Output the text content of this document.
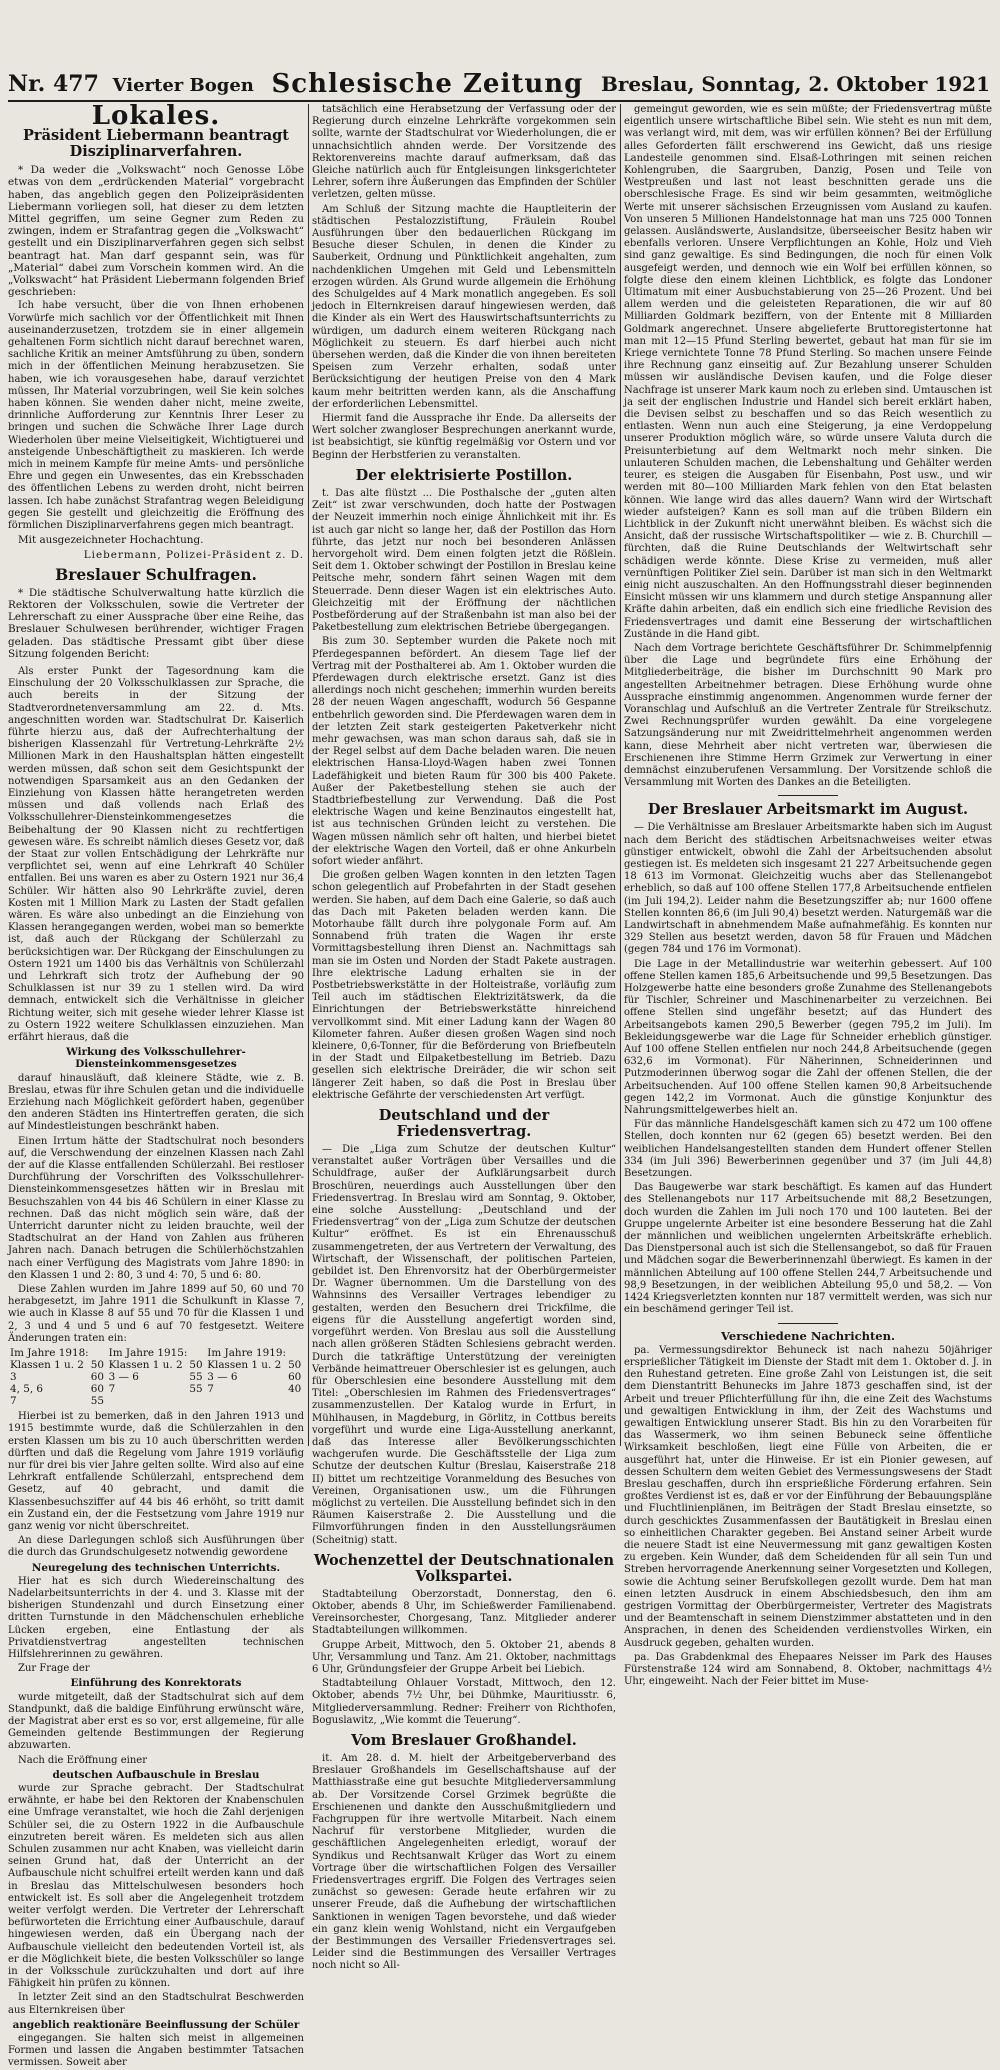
Nr. 477 Vierter Bogen Schlesische Zeitung Breslau, Sonntag, 2. Oktober 1921
Lokales.
Präsident Liebermann beantragt Disziplinarverfahren.

* Da weder die „Volkswacht“ noch Genosse Löbe etwas von dem „erdrückenden Material“ vorgebracht haben, das angeblich gegen den Polizeipräsidenten Liebermann vorliegen soll, hat dieser zu dem letzten Mittel gegriffen, um seine Gegner zum Reden zu zwingen, indem er Strafantrag gegen die „Volkswacht“ gestellt und ein Disziplinarverfahren gegen sich selbst beantragt hat. Man darf gespannt sein, was für „Material“ dabei zum Vorschein kommen wird. An die „Volkswacht“ hat Präsident Liebermann folgenden Brief geschrieben:

Ich habe versucht, über die von Ihnen erhobenen Vorwürfe mich sachlich vor der Öffentlichkeit mit Ihnen auseinanderzusetzen, trotzdem sie in einer allgemein gehaltenen Form sichtlich nicht darauf berechnet waren, sachliche Kritik an meiner Amtsführung zu üben, sondern mich in der öffentlichen Meinung herabzusetzen. Sie haben, wie ich vorausgesehen habe, darauf verzichtet müssen, Ihr Material vorzubringen, weil Sie kein solches haben können. Sie wenden daher nicht, meine zweite, drinnliche Aufforderung zur Kenntnis Ihrer Leser zu bringen und suchen die Schwäche Ihrer Lage durch Wiederholen über meine Vielseitigkeit, Wichtigtuerei und ansteigende Unbeschäftigtheit zu maskieren. Ich werde mich in meinem Kampfe für meine Amts- und persönliche Ehre und gegen ein Unwesentes, das ein Krebsschaden des öffentlichen Lebens zu werden droht, nicht beirren lassen. Ich habe zunächst Strafantrag wegen Beleidigung gegen Sie gestellt und gleichzeitig die Eröffnung des förmlichen Disziplinarverfahrens gegen mich beantragt.

Mit ausgezeichneter Hochachtung.

Liebermann, Polizei-Präsident z. D.
Breslauer Schulfragen.

* Die städtische Schulverwaltung hatte kürzlich die Rektoren der Volksschulen, sowie die Vertreter der Lehrerschaft zu einer Aussprache über eine Reihe, das Breslauer Schulwesen berührender, wichtiger Fragen geladen. Das städtische Pressamt gibt über diese Sitzung folgenden Bericht:

Als erster Punkt der Tagesordnung kam die Einschulung der 20 Volksschulklassen zur Sprache, die auch bereits in der Sitzung der Stadtverordnetenversammlung am 22. d. Mts. angeschnitten worden war. Stadtschulrat Dr. Kaiserlich führte hierzu aus, daß der Aufrechterhaltung der bisherigen Klassenzahl für Vertretung-Lehrkräfte 2½ Millionen Mark in den Haushaltsplan hätten eingestellt werden müssen, daß schon seit dem Gesichtspunkt der notwendigen Sparsamkeit aus an den Gedanken der Einziehung von Klassen hätte herangetreten werden müssen und daß vollends nach Erlaß des Volksschullehrer-Diensteinkommengesetzes die Beibehaltung der 90 Klassen nicht zu rechtfertigen gewesen wäre. Es schreibt nämlich dieses Gesetz vor, daß der Staat zur vollen Entschädigung der Lehrkräfte nur verpflichtet sei, wenn auf eine Lehrkraft 40 Schüler entfallen. Bei uns waren es aber zu Ostern 1921 nur 36,4 Schüler. Wir hätten also 90 Lehrkräfte zuviel, deren Kosten mit 1 Million Mark zu Lasten der Stadt gefallen wären. Es wäre also unbedingt an die Einziehung von Klassen herangegangen werden, wobei man so bemerkte ist, daß auch der Rückgang der Schülerzahl zu berücksichtigen war. Der Rückgang der Einschulungen zu Ostern 1921 um 1400 bis das Verhältnis von Schülerzahl und Lehrkraft sich trotz der Aufhebung der 90 Schulklassen ist nur 39 zu 1 stellen wird. Da wird demnach, entwickelt sich die Verhältnisse in gleicher Richtung weiter, sich mit gesehe wieder lehrer Klasse ist zu Ostern 1922 weitere Schulklassen einzuziehen. Man erfährt hieraus, daß die

Wirkung des Volksschullehrer-Diensteinkommensgesetzes

darauf hinausläuft, daß kleinere Städte, wie z. B. Breslau, etwas für ihre Schulen getan und die individuelle Erziehung nach Möglichkeit gefördert haben, gegenüber den anderen Städten ins Hintertreffen geraten, die sich auf Mindestleistungen beschränkt haben.

Einen Irrtum hätte der Stadtschulrat noch besonders auf, die Verschwendung der einzelnen Klassen nach Zahl der auf die Klasse entfallenden Schülerzahl. Bei restloser Durchführung der Vorschriften des Volksschullehrer-Diensteinkommensgesetzes hätten wir in Breslau mit Besuchszahlen von 44 bis 46 Schülern in einer Klasse zu rechnen. Daß das nicht möglich sein wäre, daß der Unterricht darunter nicht zu leiden brauchte, weil der Stadtschulrat an der Hand von Zahlen aus früheren Jahren nach. Danach betrugen die Schülerhöchstzahlen nach einer Verfügung des Magistrats vom Jahre 1890: in den Klassen 1 und 2: 80, 3 und 4: 70, 5 und 6: 80.

Diese Zahlen wurden im Jahre 1899 auf 50, 60 und 70 herabgesetzt, im Jahre 1911 die Schulkunft in Klasse 7, wie auch in Klasse 8 auf 55 und 70 für die Klassen 1 und 2, 3 und 4 und 5 und 6 auf 70 festgesetzt. Weitere Änderungen traten ein:

Im Jahre 1918:		Im Jahre 1915:		Im Jahre 1919:	
Klassen 1 u. 2	50	Klassen 1 u. 2	50	Klassen 1 u. 2	50
3	60	3 — 6	55	3 — 6	60
4, 5, 6	60	7	55	7	40
7	55				

Hierbei ist zu bemerken, daß in den Jahren 1913 und 1915 bestimmte wurde, daß die Schülerzahlen in den ersten Klassen um bis zu 10 auch überschritten werden dürften und daß die Regelung vom Jahre 1919 vorläufig nur für drei bis vier Jahre gelten sollte. Wird also auf eine Lehrkraft entfallende Schülerzahl, entsprechend dem Gesetz, auf 40 gebracht, und damit die Klassenbesuchsziffer auf 44 bis 46 erhöht, so tritt damit ein Zustand ein, der die Festsetzung vom Jahre 1919 nur ganz wenig vor nicht überschreitet.

An diese Darlegungen schloß sich Ausführungen über die durch das Grundschulgesetz notwendig gewordene

Neuregelung des technischen Unterrichts.

Hier hat es sich durch Wiedereinschaltung des Nadelarbeitsunterrichts in der 4. und 3. Klasse mit der bisherigen Stundenzahl und durch Einsetzung einer dritten Turnstunde in den Mädchenschulen erhebliche Lücken ergeben, eine Entlastung der als Privatdienstvertrag angestellten technischen Hilfslehrerinnen zu gewähren.

Zur Frage der

Einführung des Konrektorats

wurde mitgeteilt, daß der Stadtschulrat sich auf dem Standpunkt, daß die baldige Einführung erwünscht wäre, der Magistrat aber erst es so vor, erst allgemeine, für alle Gemeinden geltende Bestimmungen der Regierung abzuwarten.

Nach die Eröffnung einer

deutschen Aufbauschule in Breslau

wurde zur Sprache gebracht. Der Stadtschulrat erwähnte, er habe bei den Rektoren der Knabenschulen eine Umfrage veranstaltet, wie hoch die Zahl derjenigen Schüler sei, die zu Ostern 1922 in die Aufbauschule einzutreten bereit wären. Es meldeten sich aus allen Schulen zusammen nur acht Knaben, was vielleicht darin seinen Grund hat, daß der Unterricht an der Aufbauschule nicht schulfrei erteilt werden kann und daß in Breslau das Mittelschulwesen besonders hoch entwickelt ist. Es soll aber die Angelegenheit trotzdem weiter verfolgt werden. Die Vertreter der Lehrerschaft befürworteten die Errichtung einer Aufbauschule, darauf hingewiesen werden, daß ein Übergang nach der Aufbauschule vielleicht den bedeutenden Vorteil ist, als er die Möglichkeit biete, die besten Volksschüler so lange in der Volksschule zurückzuhalten und dort auf ihre Fähigkeit hin prüfen zu können.

In letzter Zeit sind an den Stadtschulrat Beschwerden aus Elternkreisen über

angeblich reaktionäre Beeinflussung der Schüler

eingegangen. Sie halten sich meist in allgemeinen Formen und lassen die Angaben bestimmter Tatsachen vermissen. Soweit aber

tatsächlich eine Herabsetzung der Verfassung oder der Regierung durch einzelne Lehrkräfte vorgekommen sein sollte, warnte der Stadtschulrat vor Wiederholungen, die er unnachsichtlich ahnden werde. Der Vorsitzende des Rektorenvereins machte darauf aufmerksam, daß das Gleiche natürlich auch für Entgleisungen linksgerichteter Lehrer, sofern ihre Äußerungen das Empfinden der Schüler verletzen, gelten müsse.

Am Schluß der Sitzung machte die Hauptleiterin der städtischen Pestalozzistiftung, Fräulein Roubel Ausführungen über den bedauerlichen Rückgang im Besuche dieser Schulen, in denen die Kinder zu Sauberkeit, Ordnung und Pünktlichkeit angehalten, zum nachdenklichen Umgehen mit Geld und Lebensmitteln erzogen würden. Als Grund wurde allgemein die Erhöhung des Schulgeldes auf 4 Mark monatlich angegeben. Es soll jedoch in Elternkreisen darauf hingewiesen werden, daß die Kinder als ein Wert des Hauswirtschaftsunterrichts zu würdigen, um dadurch einem weiteren Rückgang nach Möglichkeit zu steuern. Es darf hierbei auch nicht übersehen werden, daß die Kinder die von ihnen bereiteten Speisen zum Verzehr erhalten, sodaß unter Berücksichtigung der heutigen Preise von den 4 Mark kaum mehr beitritten werden kann, als die Anschaffung der erforderlichen Lebensmittel.

Hiermit fand die Aussprache ihr Ende. Da allerseits der Wert solcher zwangloser Besprechungen anerkannt wurde, ist beabsichtigt, sie künftig regelmäßig vor Ostern und vor Beginn der Herbstferien zu veranstalten.

Der elektrisierte Postillon.

t. Das alte flüstzt ... Die Posthalsche der „guten alten Zeit“ ist zwar verschwunden, doch hatte der Postwagen der Neuzeit immerhin noch einige Ähnlichkeit mit ihr. Es ist auch gar nicht so lange her, daß der Postillon das Horn führte, das jetzt nur noch bei besonderen Anlässen hervorgeholt wird. Dem einen folgten jetzt die Rößlein. Seit dem 1. Oktober schwingt der Postillon in Breslau keine Peitsche mehr, sondern fährt seinen Wagen mit dem Steuerrade. Denn dieser Wagen ist ein elektrisches Auto. Gleichzeitig mit der Eröffnung der nächtlichen Postbeförderung auf der Straßenbahn ist man also bei der Paketbestellung zum elektrischen Betriebe übergegangen.

Bis zum 30. September wurden die Pakete noch mit Pferdegespannen befördert. An diesem Tage lief der Vertrag mit der Posthalterei ab. Am 1. Oktober wurden die Pferdewagen durch elektrische ersetzt. Ganz ist dies allerdings noch nicht geschehen; immerhin wurden bereits 28 der neuen Wagen angeschafft, wodurch 56 Gespanne entbehrlich geworden sind. Die Pferdewagen waren dem in der letzten Zeit stark gesteigerten Paketverkehr nicht mehr gewachsen, was man schon daraus sah, daß sie in der Regel selbst auf dem Dache beladen waren. Die neuen elektrischen Hansa-Lloyd-Wagen haben zwei Tonnen Ladefähigkeit und bieten Raum für 300 bis 400 Pakete. Außer der Paketbestellung stehen sie auch der Stadtbriefbestellung zur Verwendung. Daß die Post elektrische Wagen und keine Benzinautos eingestellt hat, ist aus technischen Gründen leicht zu verstehen. Die Wagen müssen nämlich sehr oft halten, und hierbei bietet der elektrische Wagen den Vorteil, daß er ohne Ankurbeln sofort wieder anfährt.

Die großen gelben Wagen konnten in den letzten Tagen schon gelegentlich auf Probefahrten in der Stadt gesehen werden. Sie haben, auf dem Dach eine Galerie, so daß auch das Dach mit Paketen beladen werden kann. Die Motorhaube fällt durch ihre polygonale Form auf. Am Sonnabend früh traten die Wagen ihr erste Vormittagsbestellung ihren Dienst an. Nachmittags sah man sie im Osten und Norden der Stadt Pakete austragen. Ihre elektrische Ladung erhalten sie in der Postbetriebswerkstätte in der Holteistraße, vorläufig zum Teil auch im städtischen Elektrizitätswerk, da die Einrichtungen der Betriebswerkstätte hinreichend vervollkommt sind. Mit einer Ladung kann der Wagen 80 Kilometer fahren. Außer diesen großen Wagen sind noch kleinere, 0,6-Tonner, für die Beförderung von Briefbeuteln in der Stadt und Eilpaketbestellung im Betrieb. Dazu gesellen sich elektrische Dreiräder, die wir schon seit längerer Zeit haben, so daß die Post in Breslau über elektrische Gefährte der verschiedensten Art verfügt.

Deutschland und der Friedensvertrag.

— Die „Liga zum Schutze der deutschen Kultur“ veranstaltet außer Vorträgen über Versailles und die Schuldfrage, außer der Aufklärungsarbeit durch Broschüren, neuerdings auch Ausstellungen über den Friedensvertrag. In Breslau wird am Sonntag, 9. Oktober, eine solche Ausstellung: „Deutschland und der Friedensvertrag“ von der „Liga zum Schutze der deutschen Kultur“ eröffnet. Es ist ein Ehrenausschuß zusammengetreten, der aus Vertretern der Verwaltung, des Wirtschaft, der Wissenschaft, der politischen Parteien, gebildet ist. Den Ehrenvorsitz hat der Oberbürgermeister Dr. Wagner übernommen. Um die Darstellung von des Wahnsinns des Versailler Vertrages lebendiger zu gestalten, werden den Besuchern drei Trickfilme, die eigens für die Ausstellung angefertigt worden sind, vorgeführt werden. Von Breslau aus soll die Ausstellung nach allen größeren Städten Schlesiens gebracht werden. Durch die tatkräftige Unterstützung der vereinigten Verbände heimattreuer Oberschlesier ist es gelungen, auch für Oberschlesien eine besondere Ausstellung mit dem Titel: „Oberschlesien im Rahmen des Friedensvertrages“ zusammenzustellen. Der Katalog wurde in Erfurt, in Mühlhausen, in Magdeburg, in Görlitz, in Cottbus bereits vorgeführt und wurde eine Liga-Ausstellung anerkannt, daß das Interesse aller Bevölkerungsschichten wachgerufen wurde. Die Geschäftsstelle der Liga zum Schutze der deutschen Kultur (Breslau, Kaiserstraße 218 II) bittet um rechtzeitige Voranmeldung des Besuches von Vereinen, Organisationen usw., um die Führungen möglichst zu verteilen. Die Ausstellung befindet sich in den Räumen Kaiserstraße 2. Die Ausstellung und die Filmvorführungen finden in den Ausstellungsräumen (Scheitnig) statt.

Wochenzettel der Deutschnationalen Volkspartei.

Stadtabteilung Oberzorstadt, Donnerstag, den 6. Oktober, abends 8 Uhr, im Schießwerder Familienabend. Vereinsorchester, Chorgesang, Tanz. Mitglieder anderer Stadtabteilungen willkommen.

Gruppe Arbeit, Mittwoch, den 5. Oktober 21, abends 8 Uhr, Versammlung und Tanz. Am 21. Oktober, nachmittags 6 Uhr, Gründungsfeier der Gruppe Arbeit bei Liebich.

Stadtabteilung Ohlauer Vorstadt, Mittwoch, den 12. Oktober, abends 7½ Uhr, bei Dühmke, Mauritiusstr. 6, Mitgliederversammlung. Redner: Freiherr von Richthofen, Boguslawitz, „Wie kommt die Teuerung“.

Vom Breslauer Großhandel.

it. Am 28. d. M. hielt der Arbeitgeberverband des Breslauer Großhandels im Gesellschaftshause auf der Matthiasstraße eine gut besuchte Mitgliederversammlung ab. Der Vorsitzende Corsel Grzimek begrüßte die Erschienenen und dankte den Ausschußmitgliedern und Fachgruppen für ihre wertvolle Mitarbeit. Nach einem Nachruf für verstorbene Mitglieder, wurden die geschäftlichen Angelegenheiten erledigt, worauf der Syndikus und Rechtsanwalt Krüger das Wort zu einem Vortrage über die wirtschaftlichen Folgen des Versailler Friedensvertrages ergriff. Die Folgen des Vertrages seien zunächst so gewesen: Gerade heute erfahren wir zu unserer Freude, daß die Aufhebung der wirtschaftlichen Sanktionen in wenigen Tagen bevorstehe, und daß wieder ein ganz klein wenig Wohlstand, nicht ein Vergaufgeben der Bestimmungen des Versailler Friedensvertrages sei. Leider sind die Bestimmungen des Versailler Vertrages noch nicht so All-

gemeingut geworden, wie es sein müßte; der Friedensvertrag müßte eigentlich unsere wirtschaftliche Bibel sein. Wie steht es nun mit dem, was verlangt wird, mit dem, was wir erfüllen können? Bei der Erfüllung alles Geforderten fällt erschwerend ins Gewicht, daß uns riesige Landesteile genommen sind. Elsaß-Lothringen mit seinen reichen Kohlengruben, die Saargruben, Danzig, Posen und Teile von Westpreußen und last not least beschnitten gerade uns die oberschlesische Frage. Es sind wir beim gesammten, weitmögliche Werte mit unserer sächsischen Erzeugnissen vom Ausland zu kaufen. Von unseren 5 Millionen Handelstonnage hat man uns 725 000 Tonnen gelassen. Ausländswerte, Auslandsitze, überseeischer Besitz haben wir ebenfalls verloren. Unsere Verpflichtungen an Kohle, Holz und Vieh sind ganz gewaltige. Es sind Bedingungen, die noch für einen Volk ausgefeigt werden, und dennoch wie ein Wolf bei erfüllen können, so folgte diese den einem kleinen Lichtblick, es folgte das Londoner Ultimatum mit einer Ausbuchstabierung von 25—26 Prozent. Und bei allem werden und die geleisteten Reparationen, die wir auf 80 Milliarden Goldmark beziffern, von der Entente mit 8 Milliarden Goldmark angerechnet. Unsere abgelieferte Bruttoregistertonne hat man mit 12—15 Pfund Sterling bewertet, gebaut hat man für sie im Kriege vernichtete Tonne 78 Pfund Sterling. So machen unsere Feinde ihre Rechnung ganz einseitig auf. Zur Bezahlung unserer Schulden müssen wir ausländische Devisen kaufen, und die Folge dieser Nachfrage ist unserer Mark kaum noch zu erleben sind. Umtauschen ist ja seit der englischen Industrie und Handel sich bereit erklärt haben, die Devisen selbst zu beschaffen und so das Reich wesentlich zu entlasten. Wenn nun auch eine Steigerung, ja eine Verdoppelung unserer Produktion möglich wäre, so würde unsere Valuta durch die Preisunterbietung auf dem Weltmarkt noch mehr sinken. Die unlauteren Schulden machen, die Lebenshaltung und Gehälter werden teurer, es steigen die Ausgaben für Eisenbahn, Post usw., und wir werden mit 80—100 Milliarden Mark fehlen von den Etat belasten können. Wie lange wird das alles dauern? Wann wird der Wirtschaft wieder aufsteigen? Kann es soll man auf die trüben Bildern ein Lichtblick in der Zukunft nicht unerwähnt bleiben. Es wächst sich die Ansicht, daß der russische Wirtschaftspolitiker — wie z. B. Churchill — fürchten, daß die Ruine Deutschlands der Weltwirtschaft sehr schädigen werde könnte. Diese Krise zu vermeiden, muß aller vernünftigen Politiker Ziel sein. Darüber ist man sich in den Weltmarkt einig nicht auszuschalten. An den Hoffnungsstrahl dieser beginnenden Einsicht müssen wir uns klammern und durch stetige Anspannung aller Kräfte dahin arbeiten, daß ein endlich sich eine friedliche Revision des Friedensvertrages und damit eine Besserung der wirtschaftlichen Zustände in die Hand gibt.

Nach dem Vortrage berichtete Geschäftsführer Dr. Schimmelpfennig über die Lage und begründete fürs eine Erhöhung der Mitgliederbeiträge, die bisher im Durchschnitt 90 Mark pro angestellten Arbeitnehmer betragen. Diese Erhöhung wurde ohne Aussprache einstimmig angenommen. Angenommen wurde ferner der Voranschlag und Aufschluß an die Vertreter Zentrale für Streikschutz. Zwei Rechnungsprüfer wurden gewählt. Da eine vorgelegene Satzungsänderung nur mit Zweidrittelmehrheit angenommen werden kann, diese Mehrheit aber nicht vertreten war, überwiesen die Erschienenen ihre Stimme Herrn Grzimek zur Verwertung in einer demnächst einzuberufenen Versammlung. Der Vorsitzende schloß die Versammlung mit Worten des Dankes an die Beteiligten.

Der Breslauer Arbeitsmarkt im August.

— Die Verhältnisse am Breslauer Arbeitsmarkte haben sich im August nach dem Bericht des städtischen Arbeitsnachweises weiter etwas günstiger entwickelt, obwohl die Zahl der Arbeitsuchenden absolut gestiegen ist. Es meldeten sich insgesamt 21 227 Arbeitsuchende gegen 18 613 im Vormonat. Gleichzeitig wuchs aber das Stellenangebot erheblich, so daß auf 100 offene Stellen 177,8 Arbeitsuchende entfielen (im Juli 194,2). Leider nahm die Besetzungsziffer ab; nur 1600 offene Stellen konnten 86,6 (im Juli 90,4) besetzt werden. Naturgemäß war die Landwirtschaft in abnehmendem Maße aufnahmefähig. Es konnten nur 329 Stellen aus besetzt werden, davon 58 für Frauen und Mädchen (gegen 784 und 176 im Vormonat).

Die Lage in der Metallindustrie war weiterhin gebessert. Auf 100 offene Stellen kamen 185,6 Arbeitsuchende und 99,5 Besetzungen. Das Holzgewerbe hatte eine besonders große Zunahme des Stellenangebots für Tischler, Schreiner und Maschinenarbeiter zu verzeichnen. Bei offene Stellen sind ungefähr besetzt; auf das Hundert des Arbeitsangebots kamen 290,5 Bewerber (gegen 795,2 im Juli). Im Bekleidungsgewerbe war die Lage für Schneider erheblich günstiger. Auf 100 offene Stellen entfielen nur noch 244,8 Arbeitsuchende (gegen 632,6 im Vormonat). Für Näherinnen, Schneiderinnen und Putzmoderinnen überwog sogar die Zahl der offenen Stellen, die der Arbeitsuchenden. Auf 100 offene Stellen kamen 90,8 Arbeitsuchende gegen 142,2 im Vormonat. Auch die günstige Konjunktur des Nahrungsmittelgewerbes hielt an.

Für das männliche Handelsgeschäft kamen sich zu 472 um 100 offene Stellen, doch konnten nur 62 (gegen 65) besetzt werden. Bei den weiblichen Handelsangestellten standen dem Hundert offener Stellen 334 (im Juli 396) Bewerberinnen gegenüber und 37 (im Juli 44,8) Besetzungen.

Das Baugewerbe war stark beschäftigt. Es kamen auf das Hundert des Stellenangebots nur 117 Arbeitsuchende mit 88,2 Besetzungen, doch wurden die Zahlen im Juli noch 170 und 100 lauteten. Bei der Gruppe ungelernte Arbeiter ist eine besondere Besserung hat die Zahl der männlichen und weiblichen ungelernten Arbeitskräfte erheblich. Das Dienstpersonal auch ist sich die Stellensangebot, so daß für Frauen und Mädchen sogar die Bewerberinnenzahl überwiegt. Es kamen in der männlichen Abteilung auf 100 offene Stellen 244,7 Arbeitsuchende und 98,9 Besetzungen, in der weiblichen Abteilung 95,0 und 58,2. — Von 1424 Kriegsverletzten konnten nur 187 vermittelt werden, was sich nur ein beschämend geringer Teil ist.

Verschiedene Nachrichten.

pa. Vermessungsdirektor Behuneck ist nach nahezu 50jähriger ersprießlicher Tätigkeit im Dienste der Stadt mit dem 1. Oktober d. J. in den Ruhestand getreten. Eine große Zahl von Leistungen ist, die seit dem Dienstantritt Behunecks im Jahre 1873 geschaffen sind, ist der Arbeit und treuer Pflichterfüllung für ihn, die eine Zeit des Wachstums und gewaltigen Entwicklung in ihm, der Zeit des Wachstums und gewaltigen Entwicklung unserer Stadt. Bis hin zu den Vorarbeiten für das Wassermerk, wo ihm seinen Bebuneck seine öffentliche Wirksamkeit beschloßen, liegt eine Fülle von Arbeiten, die er ausgeführt hat, unter die Hinweise. Er ist ein Pionier gewesen, auf dessen Schultern dem weiten Gebiet des Vermessungswesens der Stadt Breslau geschaffen, durch ihn ersprießliche Förderung erfahren. Sein großtes Verdienst ist es, daß er vor der Einführung der Bebauungspläne und Fluchtlinienplänen, im Beiträgen der Stadt Breslau einsetzte, so durch geschicktes Zusammenfassen der Bautätigkeit in Breslau einen so einheitlichen Charakter gegeben. Bei Anstand seiner Arbeit wurde die neuere Stadt ist eine Neuvermessung mit ganz gewaltigen Kosten zu ergeben. Kein Wunder, daß dem Scheidenden für all sein Tun und Streben hervorragende Anerkennung seiner Vorgesetzten und Kollegen, sowie die Achtung seiner Berufskollegen gezollt wurde. Dem hat man einen letzten Ausdruck in einem Abschiedsbesuch, den ihm am gestrigen Vormittag der Oberbürgermeister, Vertreter des Magistrats und der Beamtenschaft in seinem Dienstzimmer abstatteten und in den Ansprachen, in denen des Scheidenden verdienstvolles Wirken, ein Ausdruck gegeben, gehalten wurden.

pa. Das Grabdenkmal des Ehepaares Neisser im Park des Hauses Fürstenstraße 124 wird am Sonnabend, 8. Oktober, nachmittags 4½ Uhr, eingeweiht. Nach der Feier bittet im Muse-
